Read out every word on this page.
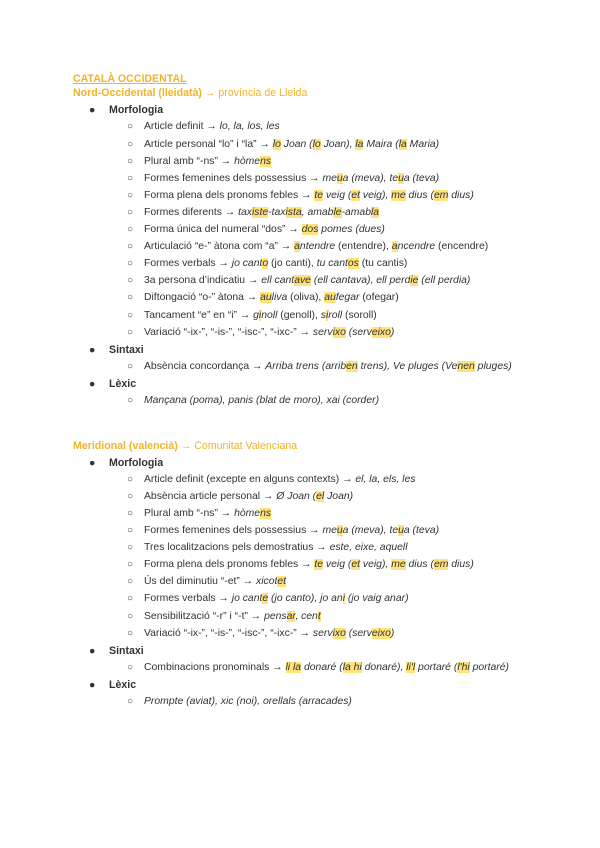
CATALÀ OCCIDENTAL
Nord-Occidental (lleidatà) → província de Lleida
● Morfologia
○ Article definit → lo, la, los, les
○ Article personal “lo” i “la” → lo Joan (lo Joan), la Maira (la Maria)
○ Plural amb “-ns” → hòmens
○ Formes femenines dels possessius → meua (meva), teua (teva)
○ Forma plena dels pronoms febles → te veig (et veig), me dius (em dius)
○ Formes diferents → taxiste-taxista, amable-amabla
○ Forma única del numeral “dos” → dos pomes (dues)
○ Articulació “e-” àtona com “a” → antendre (entendre), ancendre (encendre)
○ Formes verbals → jo canto (jo canti), tu cantos (tu cantis)
○ 3a persona d’indicatiu → ell cantave (ell cantava), ell perdie (ell perdia)
○ Diftongació “o-” àtona → auliva (oliva), aufegar (ofegar)
○ Tancament “e” en “i” → ginoll (genoll), siroll (soroll)
○ Variació “-ix-”, “-is-”, “-isc-”, “-ixc-” → servixo (serveixo)
● Sintaxi
○ Absència concordança → Arriba trens (arriben trens), Ve pluges (Venen pluges)
● Lèxic
○ Mançana (poma), panis (blat de moro), xai (corder)
Meridional (valencià) → Comunitat Valenciana
● Morfologia
○ Article definit (excepte en alguns contexts) → el, la, els, les
○ Absència article personal → Ø Joan (el Joan)
○ Plural amb “-ns” → hòmens
○ Formes femenines dels possessius → meua (meva), teua (teva)
○ Tres localitzacions pels demostratius → este, eixe, aquell
○ Forma plena dels pronoms febles → te veig (et veig), me dius (em dius)
○ Ús del diminutiu “-et” → xicotet
○ Formes verbals → jo cante (jo canto), jo ani (jo vaig anar)
○ Sensibilització “-r” i “-t” → pensar, cent
○ Variació “-ix-”, “-is-”, “-isc-”, “-ixc-” → servixo (serveixo)
● Sintaxi
○ Combinacions pronominals → li la donaré (la hi donaré), li'l portaré (l'hi portaré)
● Lèxic
○ Prompte (aviat), xic (noi), orellals (arracades)
